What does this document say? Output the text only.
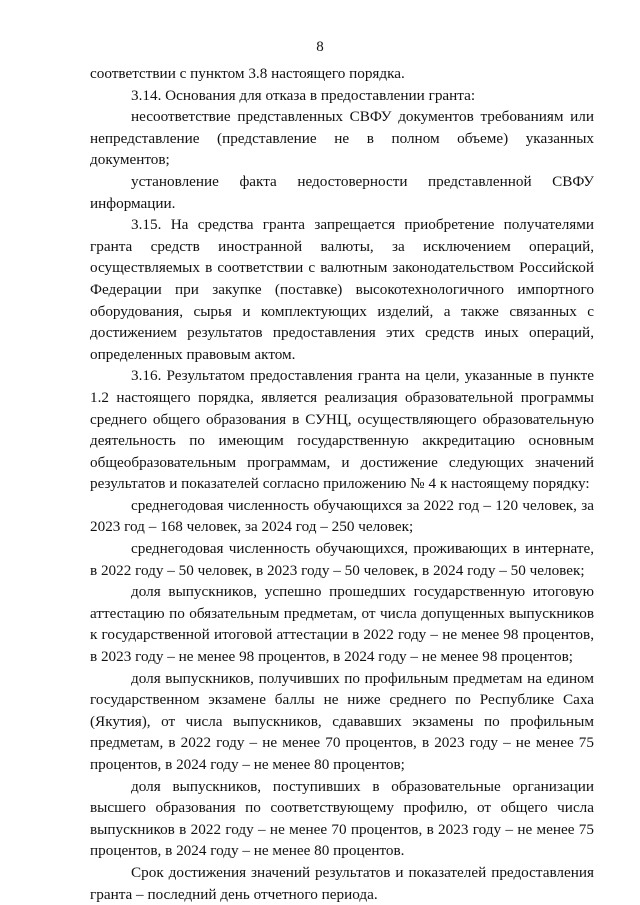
8

соответствии с пунктом 3.8 настоящего порядка.

3.14. Основания для отказа в предоставлении гранта:

несоответствие представленных СВФУ документов требованиям или непредставление (представление не в полном объеме) указанных документов;

установление факта недостоверности представленной СВФУ информации.

3.15. На средства гранта запрещается приобретение получателями гранта средств иностранной валюты, за исключением операций, осуществляемых в соответствии с валютным законодательством Российской Федерации при закупке (поставке) высокотехнологичного импортного оборудования, сырья и комплектующих изделий, а также связанных с достижением результатов предоставления этих средств иных операций, определенных правовым актом.

3.16. Результатом предоставления гранта на цели, указанные в пункте 1.2 настоящего порядка, является реализация образовательной программы среднего общего образования в СУНЦ, осуществляющего образовательную деятельность по имеющим государственную аккредитацию основным общеобразовательным программам, и достижение следующих значений результатов и показателей согласно приложению № 4 к настоящему порядку:

среднегодовая численность обучающихся за 2022 год – 120 человек, за 2023 год – 168 человек, за 2024 год – 250 человек;

среднегодовая численность обучающихся, проживающих в интернате, в 2022 году – 50 человек, в 2023 году – 50 человек, в 2024 году – 50 человек;

доля выпускников, успешно прошедших государственную итоговую аттестацию по обязательным предметам, от числа допущенных выпускников к государственной итоговой аттестации в 2022 году – не менее 98 процентов, в 2023 году – не менее 98 процентов, в 2024 году – не менее 98 процентов;

доля выпускников, получивших по профильным предметам на едином государственном экзамене баллы не ниже среднего по Республике Саха (Якутия), от числа выпускников, сдававших экзамены по профильным предметам, в 2022 году – не менее 70 процентов, в 2023 году – не менее 75 процентов, в 2024 году – не менее 80 процентов;

доля выпускников, поступивших в образовательные организации высшего образования по соответствующему профилю, от общего числа выпускников в 2022 году – не менее 70 процентов, в 2023 году – не менее 75 процентов, в 2024 году – не менее 80 процентов.

Срок достижения значений результатов и показателей предоставления гранта – последний день отчетного периода.
